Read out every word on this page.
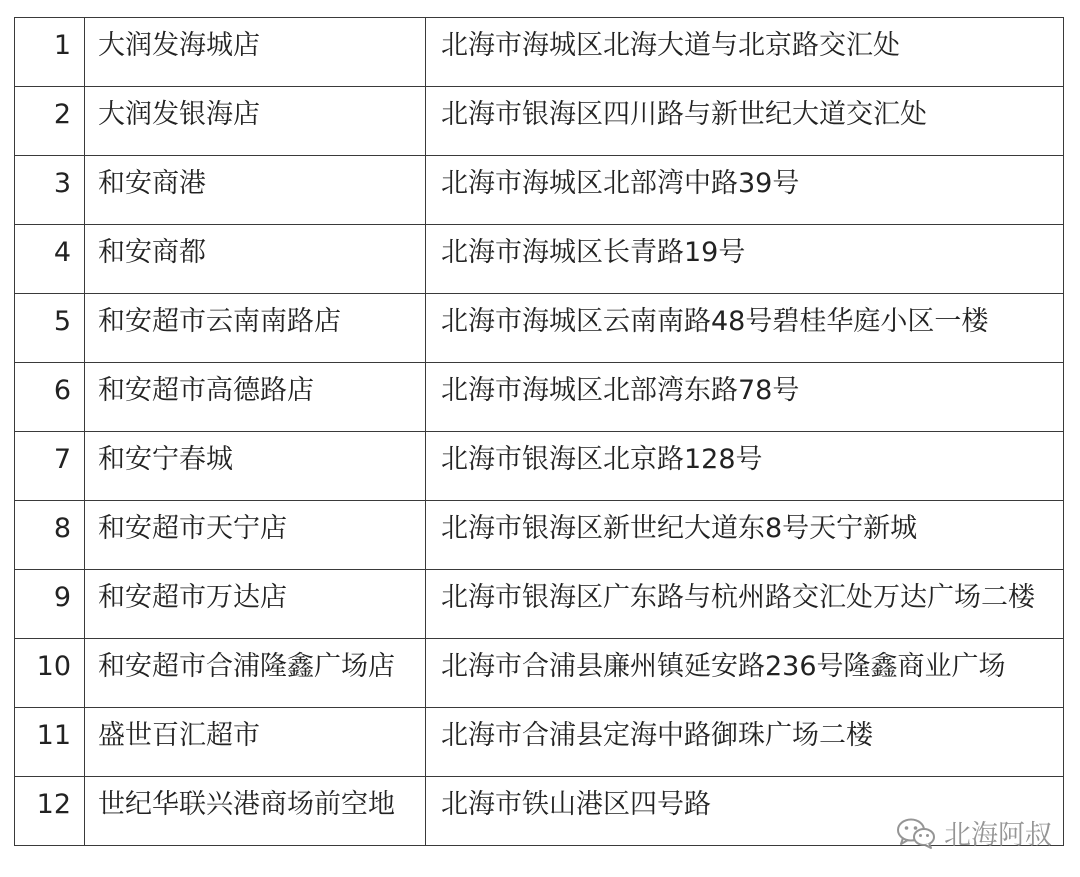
1	大润发海城店	北海市海城区北海大道与北京路交汇处

2	大润发银海店	北海市银海区四川路与新世纪大道交汇处

3	和安商港	北海市海城区北部湾中路39号

4	和安商都	北海市海城区长青路19号

5	和安超市云南南路店	北海市海城区云南南路48号碧桂华庭小区一楼

6	和安超市高德路店	北海市海城区北部湾东路78号

7	和安宁春城	北海市银海区北京路128号

8	和安超市天宁店	北海市银海区新世纪大道东8号天宁新城

9	和安超市万达店	北海市银海区广东路与杭州路交汇处万达广场二楼

10	和安超市合浦隆鑫广场店	北海市合浦县廉州镇延安路236号隆鑫商业广场

11	盛世百汇超市	北海市合浦县定海中路御珠广场二楼

12	世纪华联兴港商场前空地	北海市铁山港区四号路
北海阿叔
